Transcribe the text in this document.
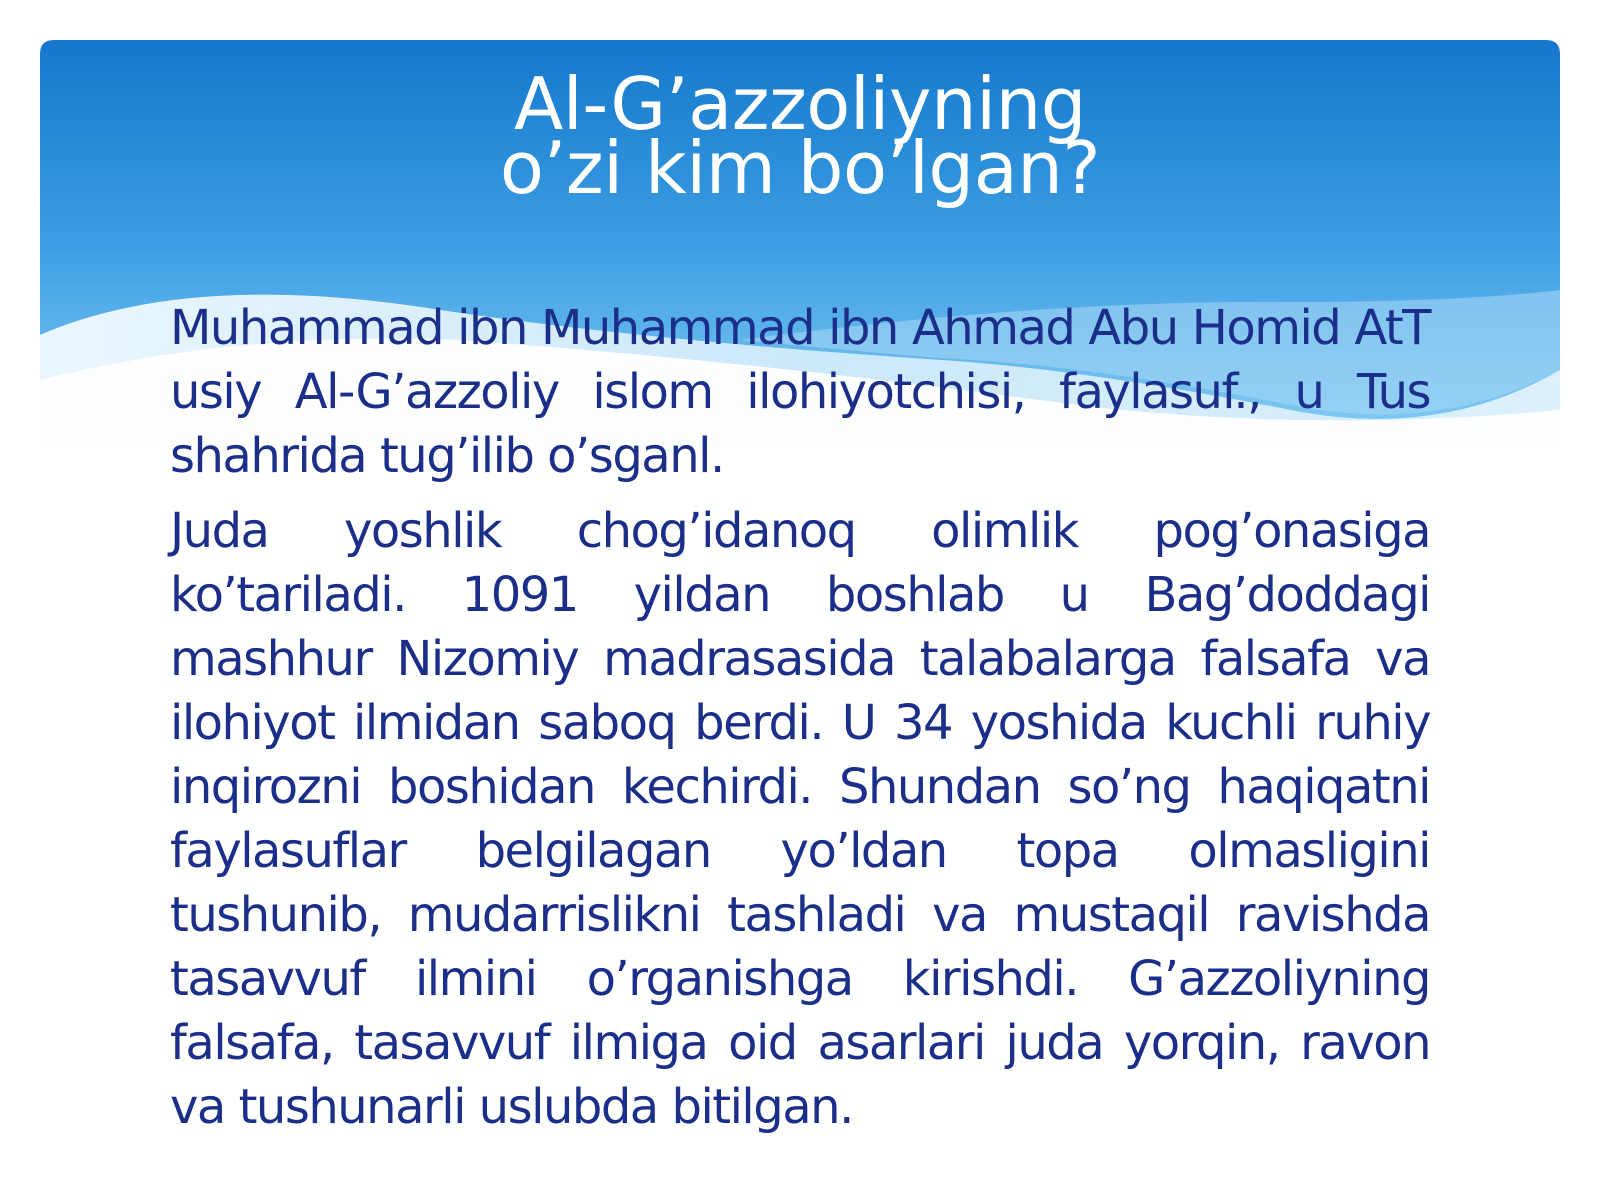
Al-G’azzoliyning
o’zi kim bo’lgan?

Muhammad ibn Muhammad ibn Ahmad Abu Homid AtT usiy Al-G’azzoliy islom ilohiyotchisi, faylasuf., u Tus shahrida tug’ilib o’sganl.

Juda yoshlik chog’idanoq olimlik pog’onasiga ko’tariladi. 1091 yildan boshlab u Bag’doddagi mashhur Nizomiy madrasasida talabalarga falsafa va ilohiyot ilmidan saboq berdi. U 34 yoshida kuchli ruhiy inqirozni boshidan kechirdi. Shundan so’ng haqiqatni faylasuflar belgilagan yo’ldan topa olmasligini tushunib, mudarrislikni tashladi va mustaqil ravishda tasavvuf ilmini o’rganishga kirishdi. G’azzoliyning falsafa, tasavvuf ilmiga oid asarlari juda yorqin, ravon va tushunarli uslubda bitilgan.
